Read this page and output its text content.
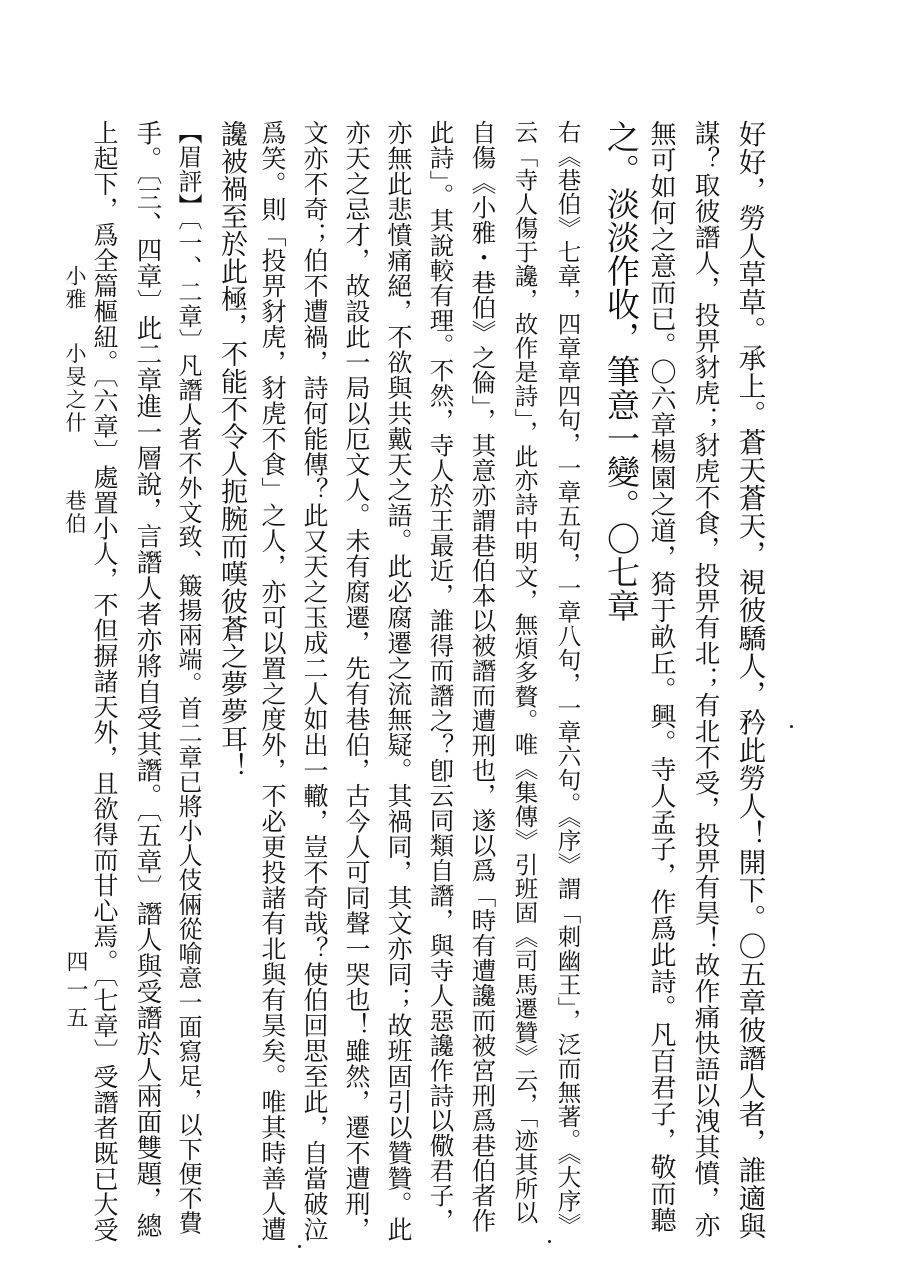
好好，勞人草草。承上。蒼天蒼天，視彼驕人，矜此勞人！開下。〇五章彼譖人者，誰適與
謀？取彼譖人，投畀豺虎；豺虎不食，投畀有北；有北不受，投畀有昊！故作痛快語以洩其憤，亦
無可如何之意而已。〇六章楊園之道，猗于畝丘。興。寺人孟子，作爲此詩。凡百君子，敬而聽
之。淡淡作收，筆意一變。〇七章
右《巷伯》七章，四章章四句，一章五句，一章八句，一章六句。《序》謂「刺幽王」，泛而無著。《大序》
云「寺人傷于讒，故作是詩」，此亦詩中明文，無煩多贅。唯《集傳》引班固《司馬遷贊》云，「迹其所以
自傷《小雅・巷伯》之倫」，其意亦謂巷伯本以被譖而遭刑也，遂以爲「時有遭讒而被宮刑爲巷伯者作
此詩」。其說較有理。不然，寺人於王最近，誰得而譖之？卽云同類自譖，與寺人惡讒作詩以儆君子，
亦無此悲憤痛絕，不欲與共戴天之語。此必腐遷之流無疑。其禍同，其文亦同；故班固引以贊贊。此
亦天之忌才，故設此一局以厄文人。未有腐遷，先有巷伯，古今人可同聲一哭也！雖然，遷不遭刑，
文亦不奇；伯不遭禍，詩何能傳？此又天之玉成二人如出一轍，豈不奇哉？使伯回思至此，自當破泣
爲笑。則「投畀豺虎，豺虎不食」之人，亦可以置之度外，不必更投諸有北與有昊矣。唯其時善人遭
讒被禍至於此極，不能不令人扼腕而嘆彼蒼之夢夢耳！
【眉評】〔一、二章〕凡譖人者不外文致、簸揚兩端。首二章已將小人伎倆從喻意一面寫足，以下便不費
手。〔三、四章〕此二章進一層說，言譖人者亦將自受其譖。〔五章〕譖人與受譖於人兩面雙題，總
上起下，爲全篇樞紐。〔六章〕處置小人，不但摒諸天外，且欲得而甘心焉。〔七章〕受譖者既已大受
小雅　 小旻之什　　 巷伯
四一五
